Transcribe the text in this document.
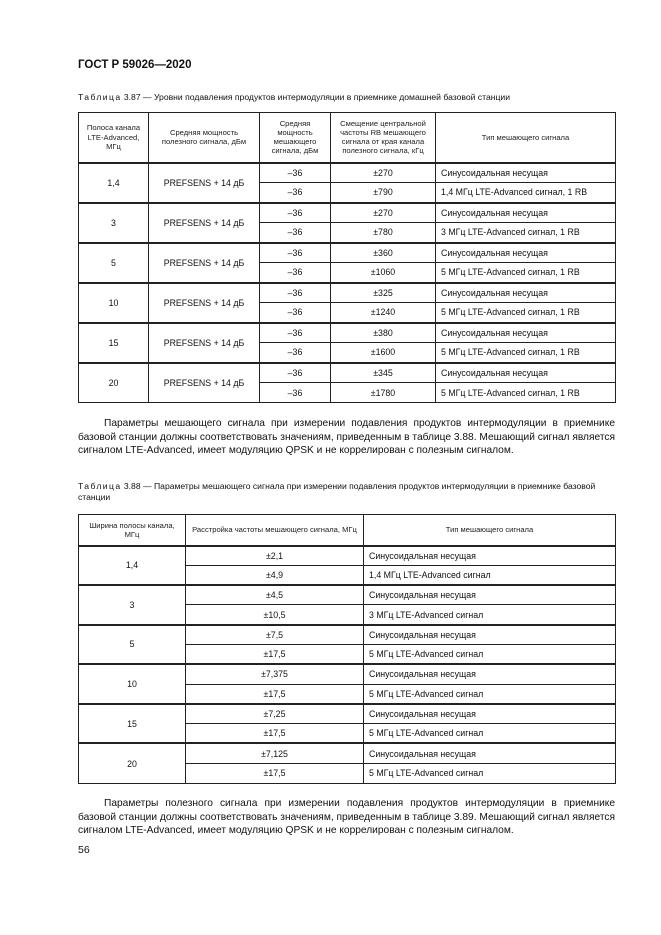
ГОСТ Р 59026—2020
Таблица 3.87 — Уровни подавления продуктов интермодуляции в приемнике домашней базовой станции
Полоса канала LTE-Advanced, МГц	Средняя мощность полезного сигнала, дБм	Средняя мощность мешающего сигнала, дБм	Смещение центральной частоты RB мешающего сигнала от края канала полезного сигнала, кГц	Тип мешающего сигнала
1,4	PREFSENS + 14 дБ	–36	±270	Синусоидальная несущая
		–36	±790	1,4 МГц LTE-Advanced сигнал, 1 RB
3	PREFSENS + 14 дБ	–36	±270	Синусоидальная несущая
		–36	±780	3 МГц LTE-Advanced сигнал, 1 RB
5	PREFSENS + 14 дБ	–36	±360	Синусоидальная несущая
		–36	±1060	5 МГц LTE-Advanced сигнал, 1 RB
10	PREFSENS + 14 дБ	–36	±325	Синусоидальная несущая
		–36	±1240	5 МГц LTE-Advanced сигнал, 1 RB
15	PREFSENS + 14 дБ	–36	±380	Синусоидальная несущая
		–36	±1600	5 МГц LTE-Advanced сигнал, 1 RB
20	PREFSENS + 14 дБ	–36	±345	Синусоидальная несущая
		–36	±1780	5 МГц LTE-Advanced сигнал, 1 RB
Параметры мешающего сигнала при измерении подавления продуктов интермодуляции в приемнике базовой станции должны соответствовать значениям, приведенным в таблице 3.88. Мешающий сигнал является сигналом LTE-Advanced, имеет модуляцию QPSK и не коррелирован с полезным сигналом.
Таблица 3.88 — Параметры мешающего сигнала при измерении подавления продуктов интермодуляции в приемнике базовой станции
Ширина полосы канала, МГц	Расстройка частоты мешающего сигнала, МГц	Тип мешающего сигнала
1,4	±2,1	Синусоидальная несущая
	±4,9	1,4 МГц LTE-Advanced сигнал
3	±4,5	Синусоидальная несущая
	±10,5	3 МГц LTE-Advanced сигнал
5	±7,5	Синусоидальная несущая
	±17,5	5 МГц LTE-Advanced сигнал
10	±7,375	Синусоидальная несущая
	±17,5	5 МГц LTE-Advanced сигнал
15	±7,25	Синусоидальная несущая
	±17,5	5 МГц LTE-Advanced сигнал
20	±7,125	Синусоидальная несущая
	±17,5	5 МГц LTE-Advanced сигнал
Параметры полезного сигнала при измерении подавления продуктов интермодуляции в приемнике базовой станции должны соответствовать значениям, приведенным в таблице 3.89. Мешающий сигнал является сигналом LTE-Advanced, имеет модуляцию QPSK и не коррелирован с полезным сигналом.
56
